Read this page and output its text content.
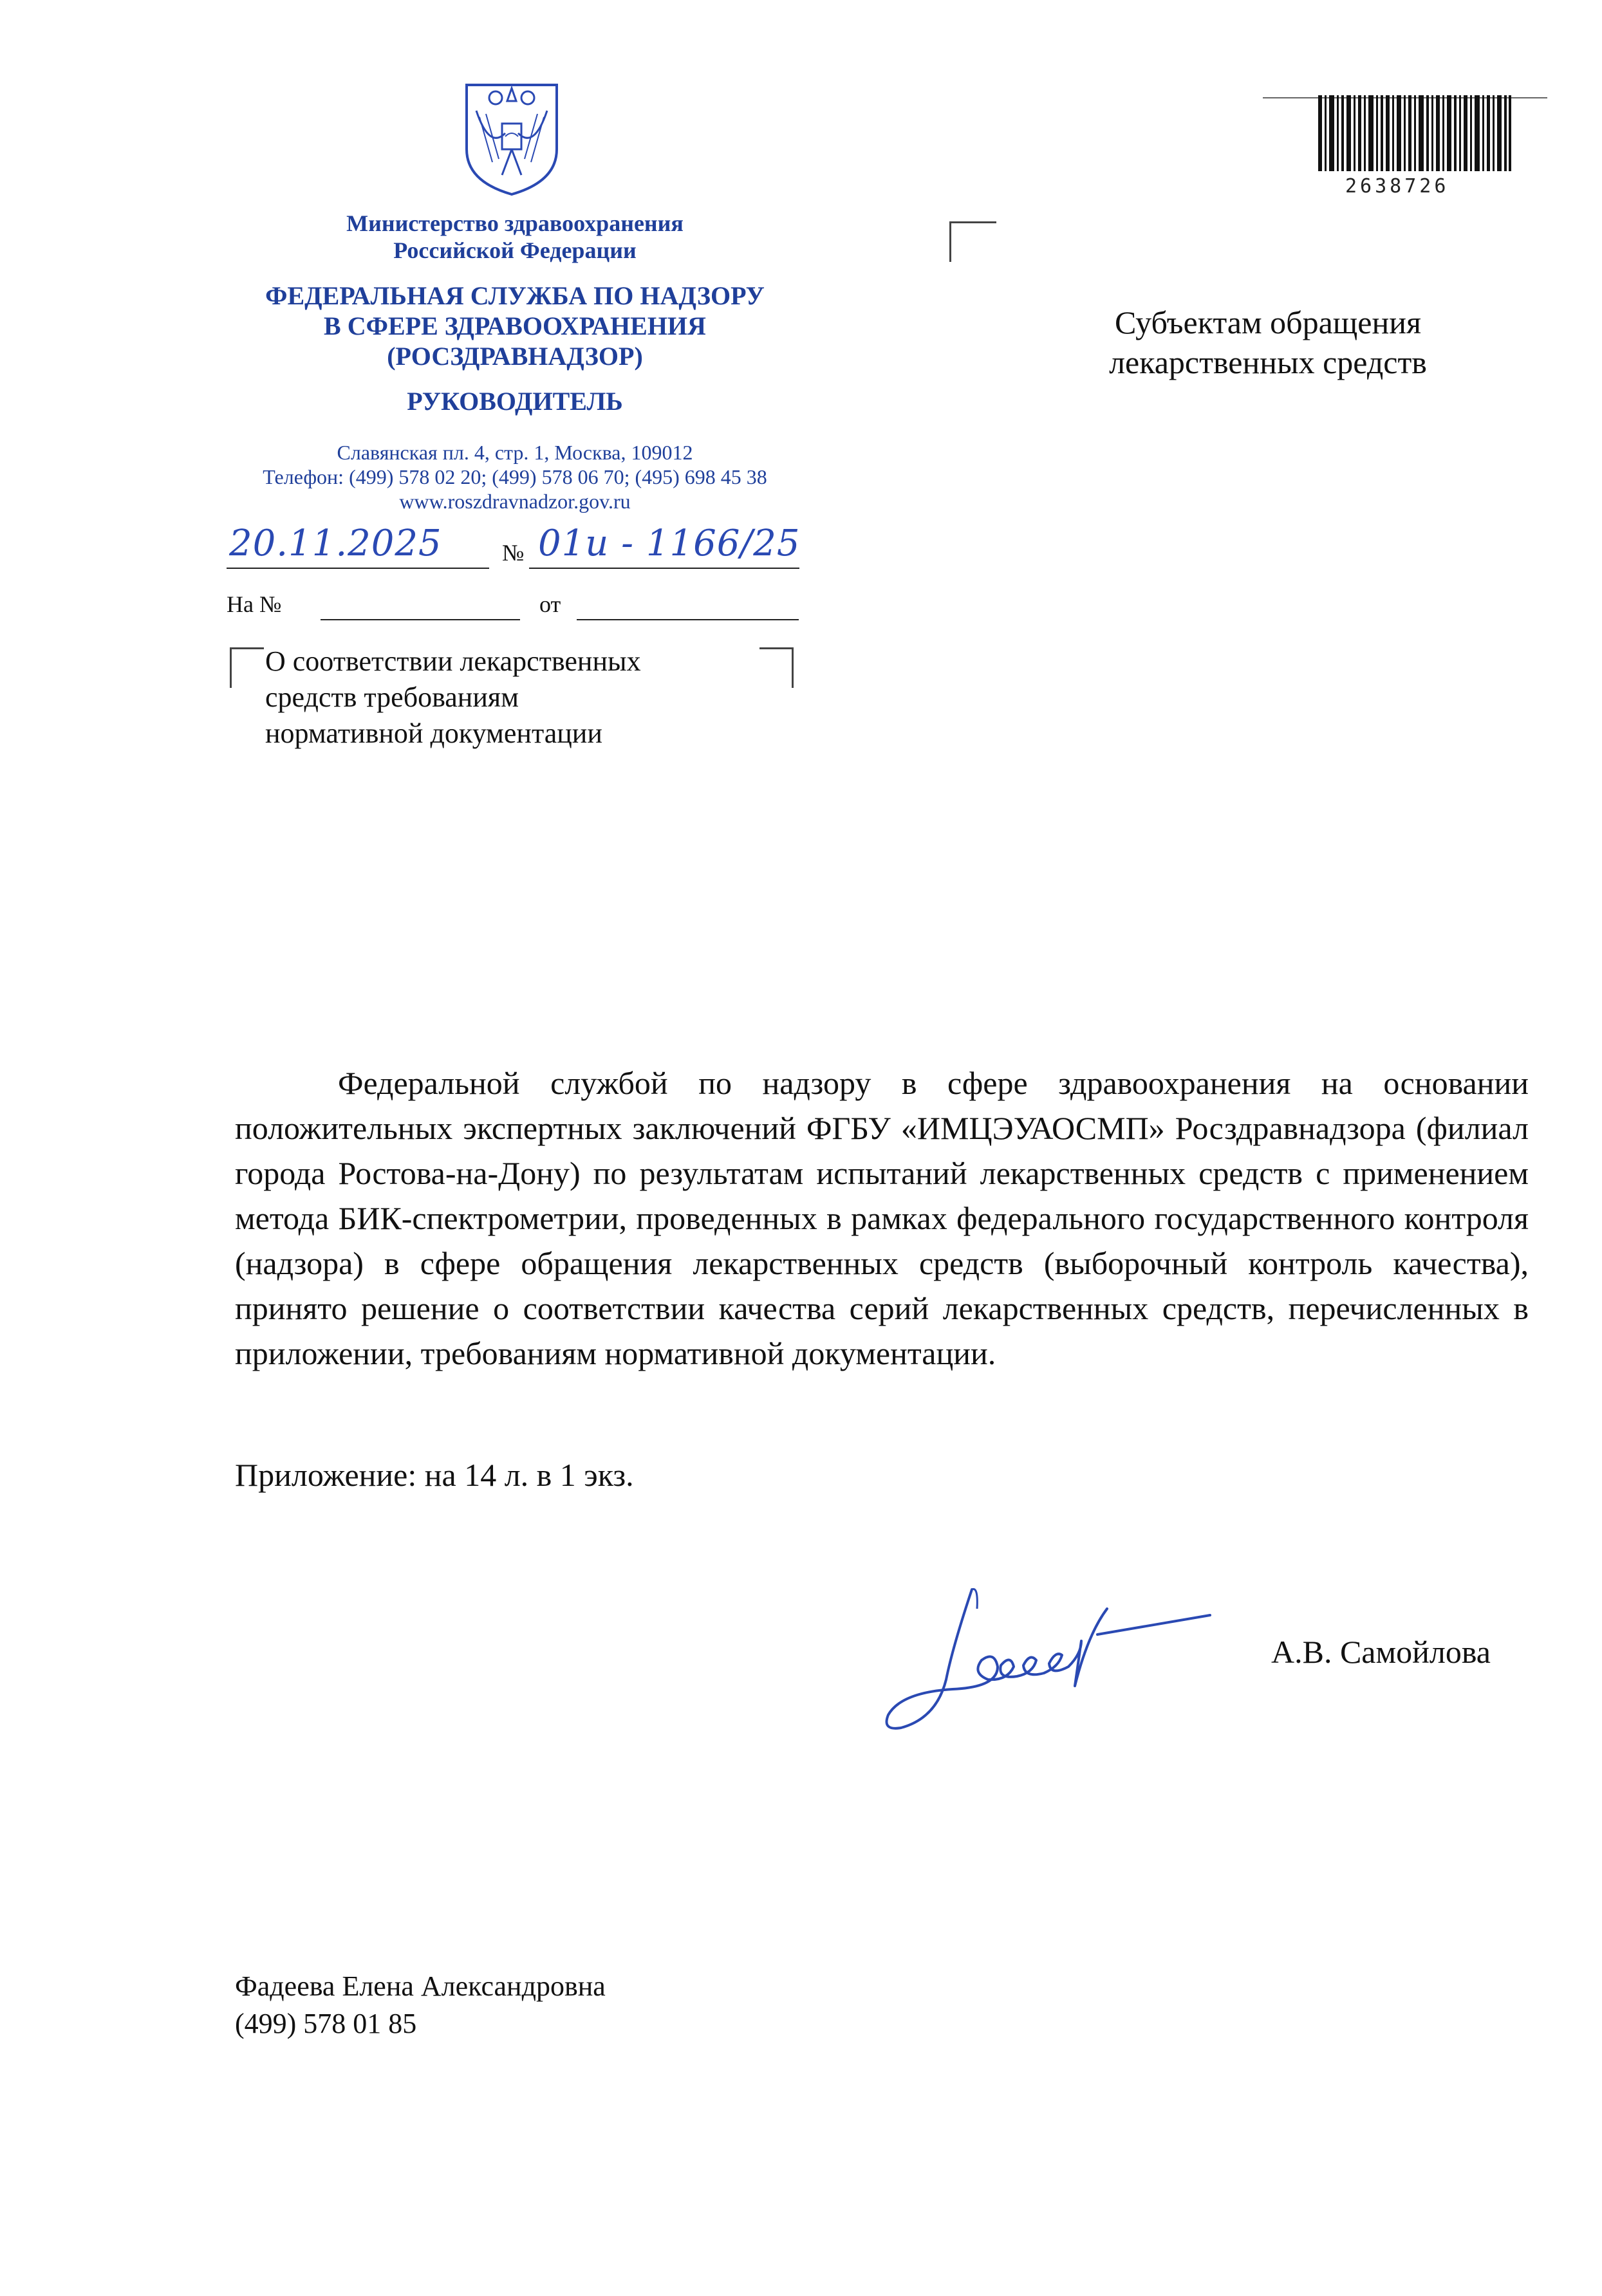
Министерство здравоохранения
Российской Федерации
ФЕДЕРАЛЬНАЯ СЛУЖБА ПО НАДЗОРУ
В СФЕРЕ ЗДРАВООХРАНЕНИЯ
(РОСЗДРАВНАДЗОР)
РУКОВОДИТЕЛЬ
Славянская пл. 4, стр. 1, Москва, 109012
Телефон: (499) 578 02 20; (499) 578 06 70; (495) 698 45 38
www.roszdravnadzor.gov.ru
2638726
Субъектам обращения
лекарственных средств
20.11.2025	№ 01и - 1166/25
На №	от
О соответствии лекарственных
средств требованиям
нормативной документации
Федеральной службой по надзору в сфере здравоохранения на основании положительных экспертных заключений ФГБУ «ИМЦЭУАОСМП» Росздравнадзора (филиал города Ростова-на-Дону) по результатам испытаний лекарственных средств с применением метода БИК-спектрометрии, проведенных в рамках федерального государственного контроля (надзора) в сфере обращения лекарственных средств (выборочный контроль качества), принято решение о соответствии качества серий лекарственных средств, перечисленных в приложении, требованиям нормативной документации.
Приложение: на 14 л. в 1 экз.
А.В. Самойлова
Фадеева Елена Александровна
(499) 578 01 85
